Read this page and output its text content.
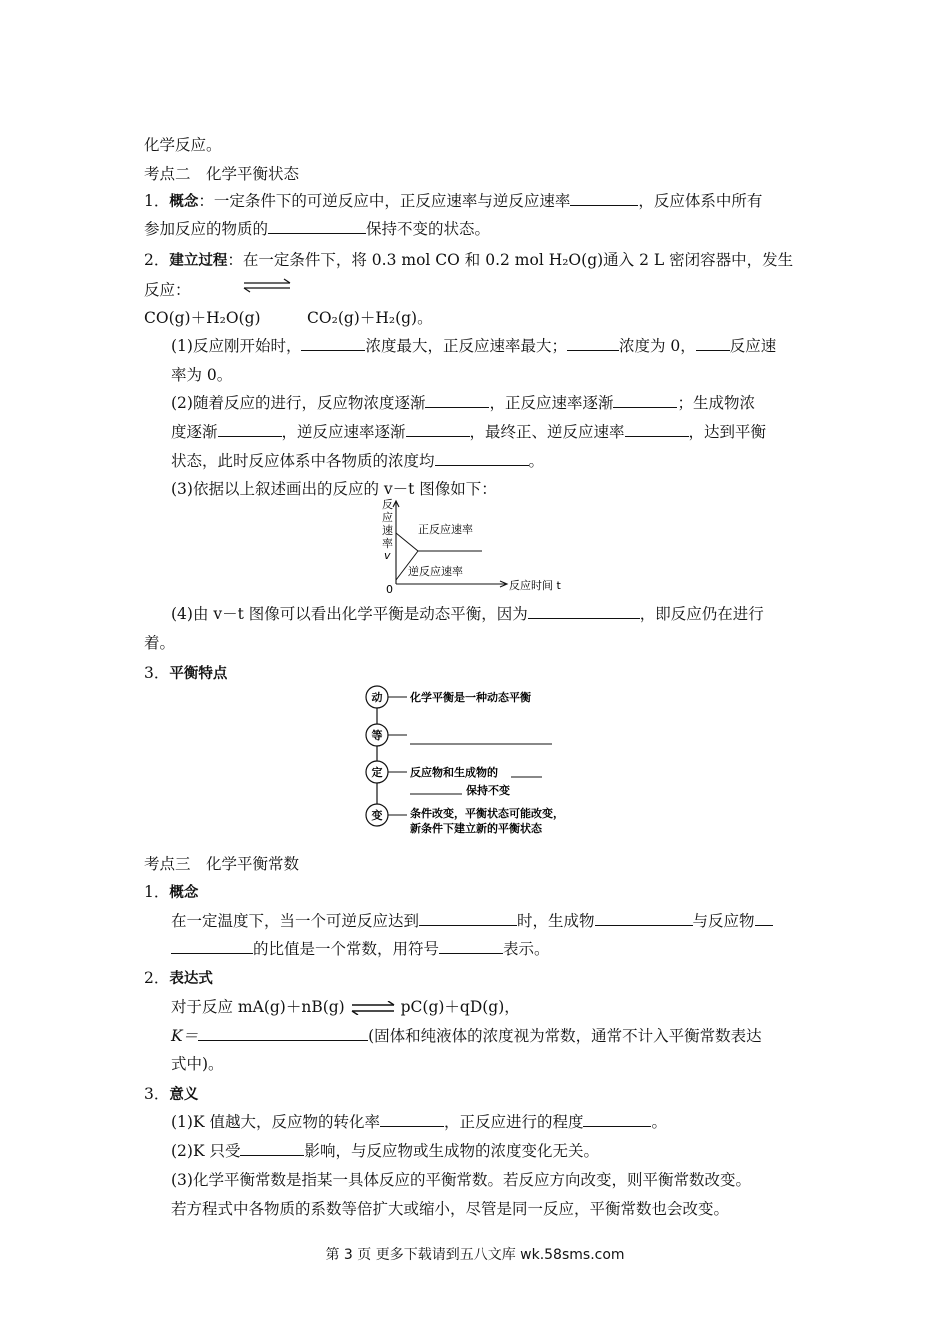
化学反应。
考点二　化学平衡状态
1．概念：一定条件下的可逆反应中，正反应速率与逆反应速率	，反应体系中所有
参加反应的物质的	保持不变的状态。
2．建立过程：在一定条件下，将 0.3 mol CO 和 0.2 mol H₂O(g)通入 2 L 密闭容器中，发生
反应：
CO(g)＋H₂O(g)　　　CO₂(g)＋H₂(g)。
(1)反应刚开始时，	浓度最大，正反应速率最大；	浓度为 0， 反应速
率为 0。
(2)随着反应的进行，反应物浓度逐渐	，正反应速率逐渐	；生成物浓
度逐渐	，逆反应速率逐渐	，最终正、逆反应速率	，达到平衡
状态，此时反应体系中各物质的浓度均	。
(3)依据以上叙述画出的反应的 v－t 图像如下：
反
应
速
率
v
0	反应时间 t
正反应速率
逆反应速率
(4)由 v－t 图像可以看出化学平衡是动态平衡，因为	，即反应仍在进行
着。
3．平衡特点
动	化学平衡是一种动态平衡
等
定	反应物和生成物的
保持不变
变	条件改变，平衡状态可能改变，
新条件下建立新的平衡状态
考点三　化学平衡常数
1．概念
在一定温度下，当一个可逆反应达到	时，生成物	与反应物
的比值是一个常数，用符号	表示。
2．表达式
对于反应 mA(g)＋nB(g) ⇌ pC(g)＋qD(g)，
K＝	(固体和纯液体的浓度视为常数，通常不计入平衡常数表达
式中)。
3．意义
(1)K 值越大，反应物的转化率	，正反应进行的程度	。
(2)K 只受	影响，与反应物或生成物的浓度变化无关。
(3)化学平衡常数是指某一具体反应的平衡常数。若反应方向改变，则平衡常数改变。
若方程式中各物质的系数等倍扩大或缩小，尽管是同一反应，平衡常数也会改变。
第 3 页 更多下载请到五八文库 wk.58sms.com
